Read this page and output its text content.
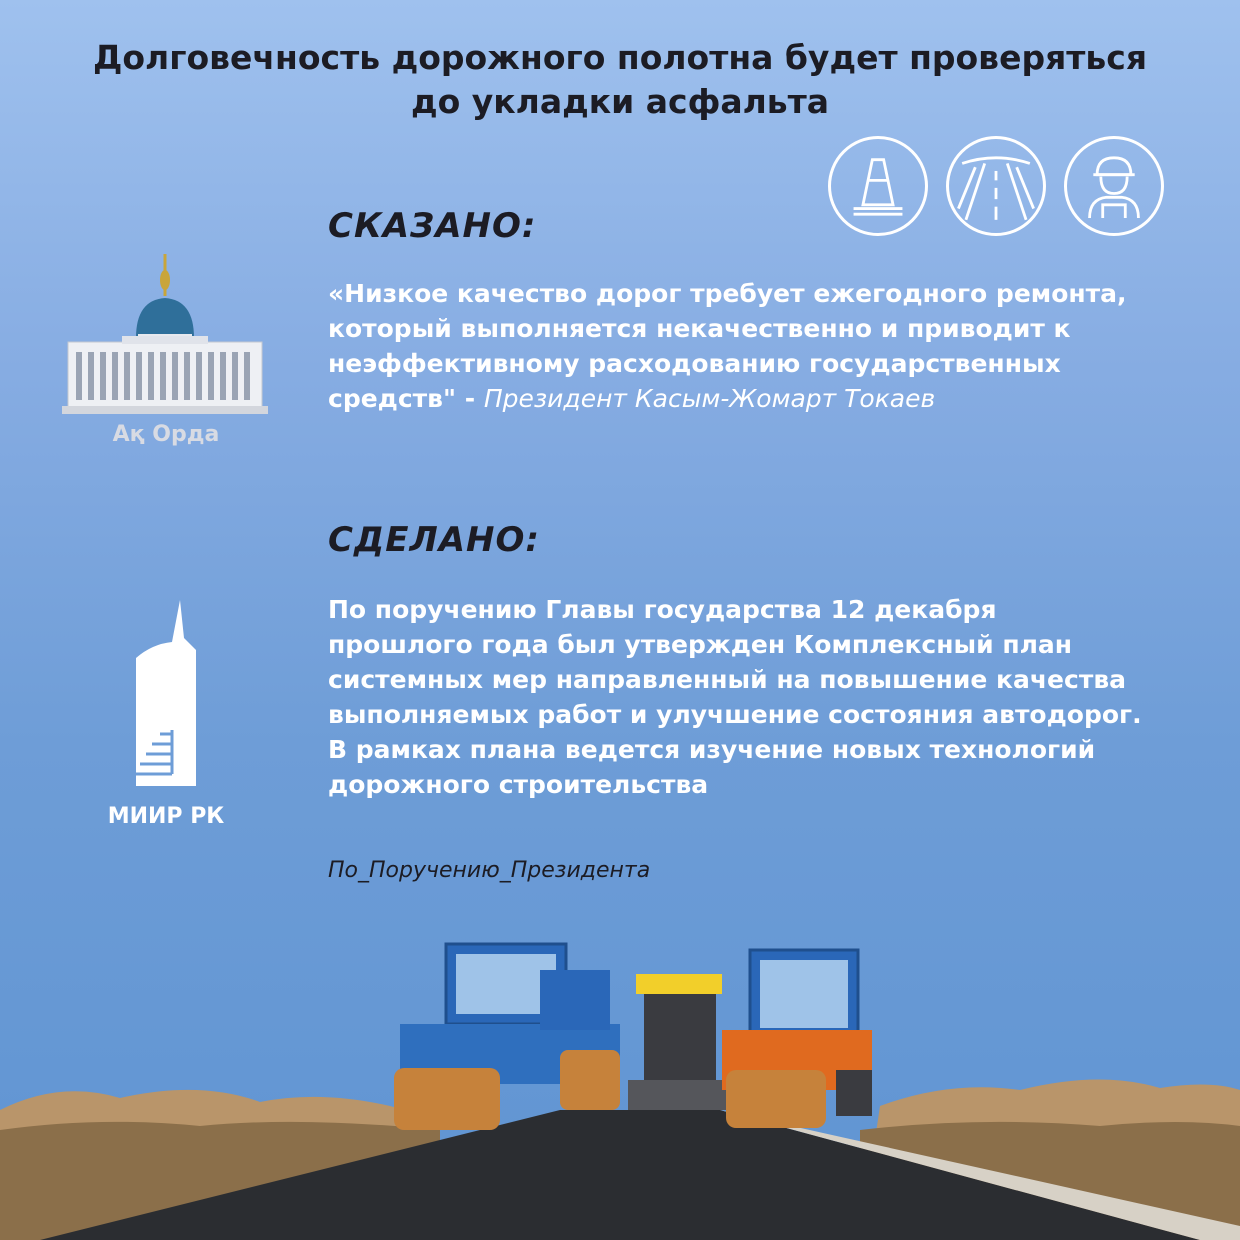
Долговечность дорожного полотна будет проверяться
до укладки асфальта
СКАЗАНО:
«Низкое качество дорог требует ежегодного ремонта, который выполняется некачественно и приводит к неэффективному расходованию государственных средств" - Президент Касым-Жомарт Токаев
Ақ Орда
СДЕЛАНО:
По поручению Главы государства 12 декабря прошлого года был утвержден Комплексный план системных мер направленный на повышение качества выполняемых работ и улучшение состояния автодорог. В рамках плана ведется изучение новых технологий дорожного строительства
По_Поручению_Президента
МИИР РК
